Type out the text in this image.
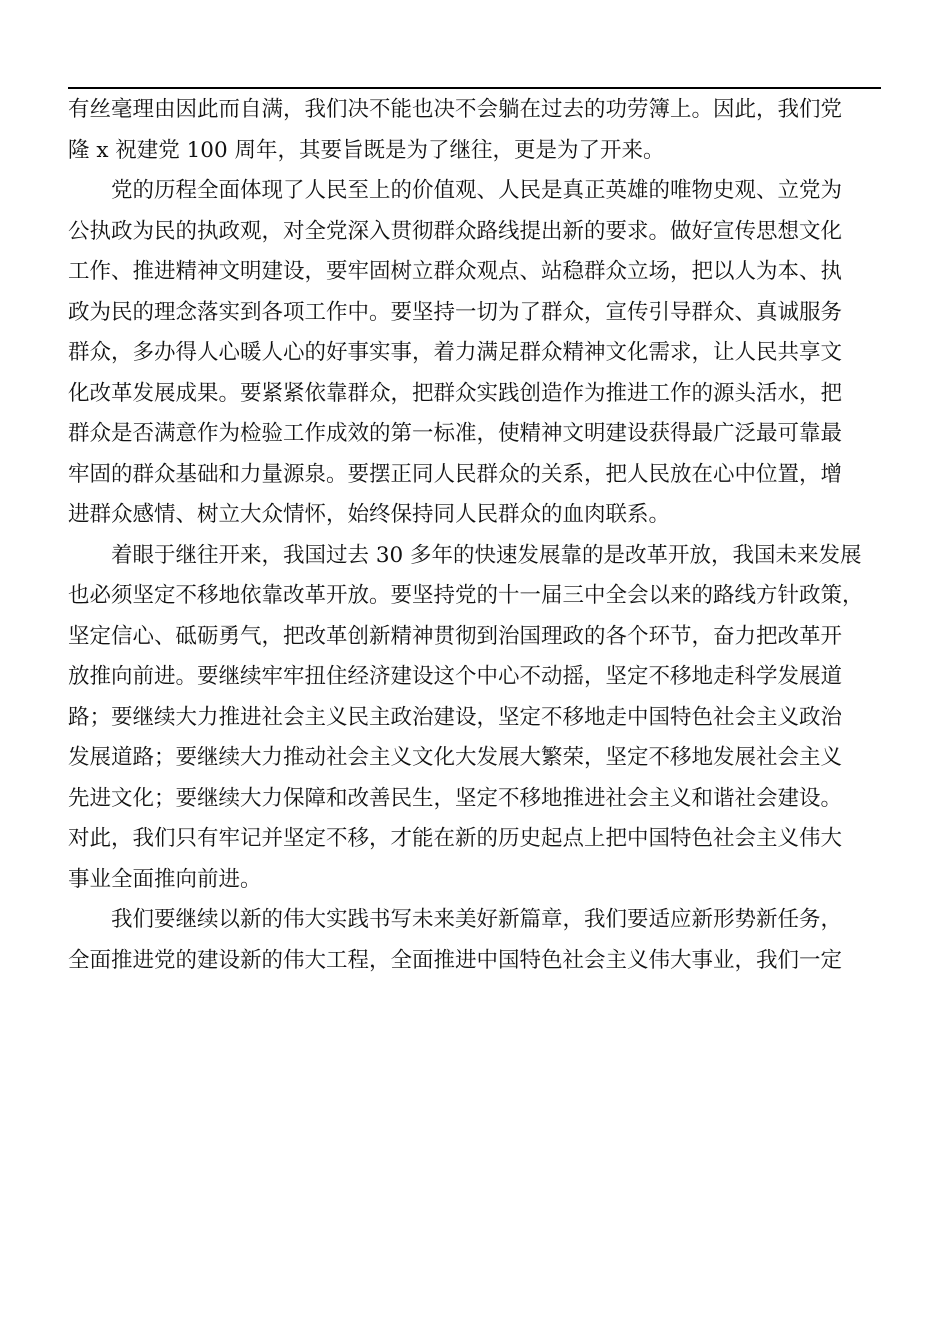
有丝毫理由因此而自满，我们决不能也决不会躺在过去的功劳簿上。因此，我们党
隆 x 祝建党 100 周年，其要旨既是为了继往，更是为了开来。
党的历程全面体现了人民至上的价值观、人民是真正英雄的唯物史观、立党为
公执政为民的执政观，对全党深入贯彻群众路线提出新的要求。做好宣传思想文化
工作、推进精神文明建设，要牢固树立群众观点、站稳群众立场，把以人为本、执
政为民的理念落实到各项工作中。要坚持一切为了群众，宣传引导群众、真诚服务
群众，多办得人心暖人心的好事实事，着力满足群众精神文化需求，让人民共享文
化改革发展成果。要紧紧依靠群众，把群众实践创造作为推进工作的源头活水，把
群众是否满意作为检验工作成效的第一标准，使精神文明建设获得最广泛最可靠最
牢固的群众基础和力量源泉。要摆正同人民群众的关系，把人民放在心中位置，增
进群众感情、树立大众情怀，始终保持同人民群众的血肉联系。
着眼于继往开来，我国过去 30 多年的快速发展靠的是改革开放，我国未来发展
也必须坚定不移地依靠改革开放。要坚持党的十一届三中全会以来的路线方针政策，
坚定信心、砥砺勇气，把改革创新精神贯彻到治国理政的各个环节，奋力把改革开
放推向前进。要继续牢牢扭住经济建设这个中心不动摇，坚定不移地走科学发展道
路；要继续大力推进社会主义民主政治建设，坚定不移地走中国特色社会主义政治
发展道路；要继续大力推动社会主义文化大发展大繁荣，坚定不移地发展社会主义
先进文化；要继续大力保障和改善民生，坚定不移地推进社会主义和谐社会建设。
对此，我们只有牢记并坚定不移，才能在新的历史起点上把中国特色社会主义伟大
事业全面推向前进。
我们要继续以新的伟大实践书写未来美好新篇章，我们要适应新形势新任务，
全面推进党的建设新的伟大工程，全面推进中国特色社会主义伟大事业，我们一定
